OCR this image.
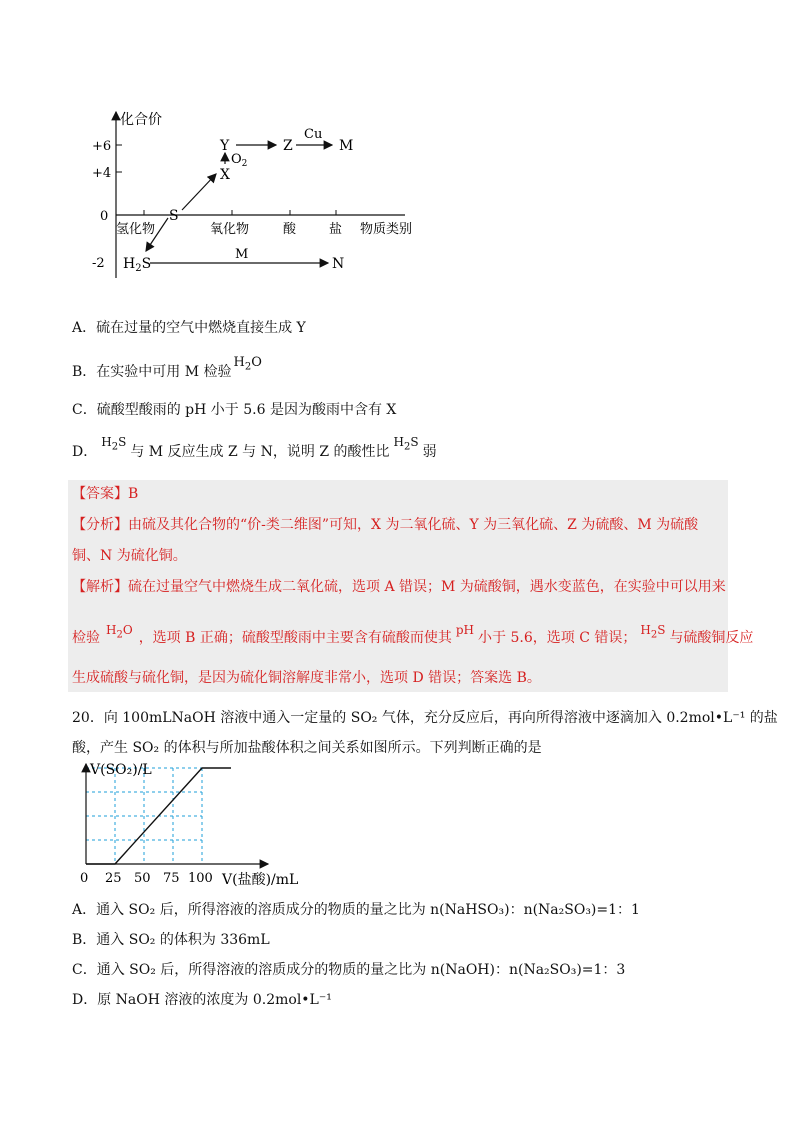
化合价
+6
+4
0
-2
氢化物	氧化物	酸	盐 物质类别
S
X
Y	Z	M
$H_2S$	N
$O_2$
Cu
M
A．硫在过量的空气中燃烧直接生成 Y
B．在实验中可用 M 检验$H_2O$
C．硫酸型酸雨的 pH 小于 5.6 是因为酸雨中含有 X
D．$H_2S$与 M 反应生成 Z 与 N，说明 Z 的酸性比$H_2S$弱
【答案】B
【分析】由硫及其化合物的“价-类二维图”可知，X 为二氧化硫、Y 为三氧化硫、Z 为硫酸、M 为硫酸
铜、N 为硫化铜。
【解析】硫在过量空气中燃烧生成二氧化硫，选项 A 错误；M 为硫酸铜，遇水变蓝色，在实验中可以用来
检验 $H_2O$ ，选项 B 正确；硫酸型酸雨中主要含有硫酸而使其 pH 小于 5.6，选项 C 错误； $H_2S$ 与硫酸铜反应
生成硫酸与硫化铜，是因为硫化铜溶解度非常小，选项 D 错误；答案选 B。
20．向 100mLNaOH 溶液中通入一定量的 SO₂ 气体，充分反应后，再向所得溶液中逐滴加入 0.2mol•L⁻¹ 的盐
酸，产生 SO₂ 的体积与所加盐酸体积之间关系如图所示。下列判断正确的是
0 25 50 75 100
V(SO₂)/L
V(盐酸)/mL
A．通入 SO₂ 后，所得溶液的溶质成分的物质的量之比为 n(NaHSO₃)：n(Na₂SO₃)=1：1
B．通入 SO₂ 的体积为 336mL
C．通入 SO₂ 后，所得溶液的溶质成分的物质的量之比为 n(NaOH)：n(Na₂SO₃)=1：3
D．原 NaOH 溶液的浓度为 0.2mol•L⁻¹
